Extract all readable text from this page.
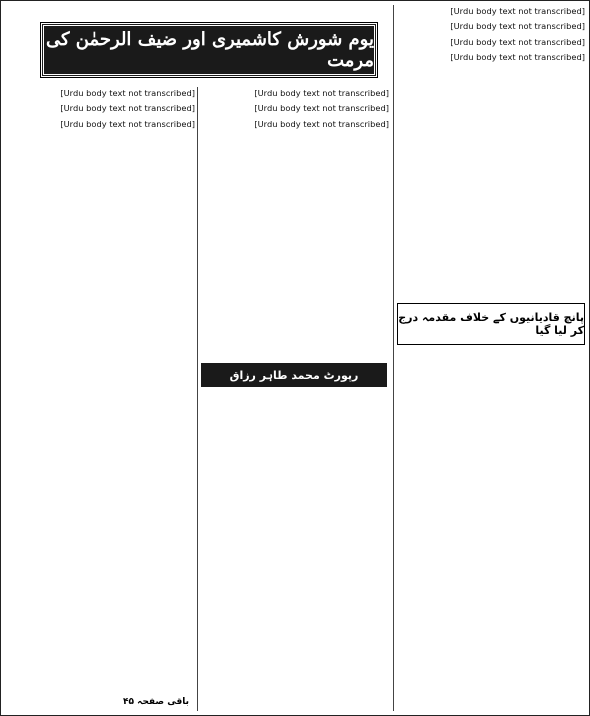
یوم شورش کاشمیری اور ضیف الرحمٰن کی مرمت

[Urdu body text not transcribed]

[Urdu body text not transcribed]

[Urdu body text not transcribed]

[Urdu body text not transcribed]

پانچ قادیانیوں کے خلاف مقدمہ درج کر لیا گیا

[Urdu body text not transcribed]

[Urdu body text not transcribed]

[Urdu body text not transcribed]

رپورٹ محمد طاہر رزاق

[Urdu body text not transcribed]

[Urdu body text not transcribed]

[Urdu body text not transcribed]

باقی صفحہ ۴۵
